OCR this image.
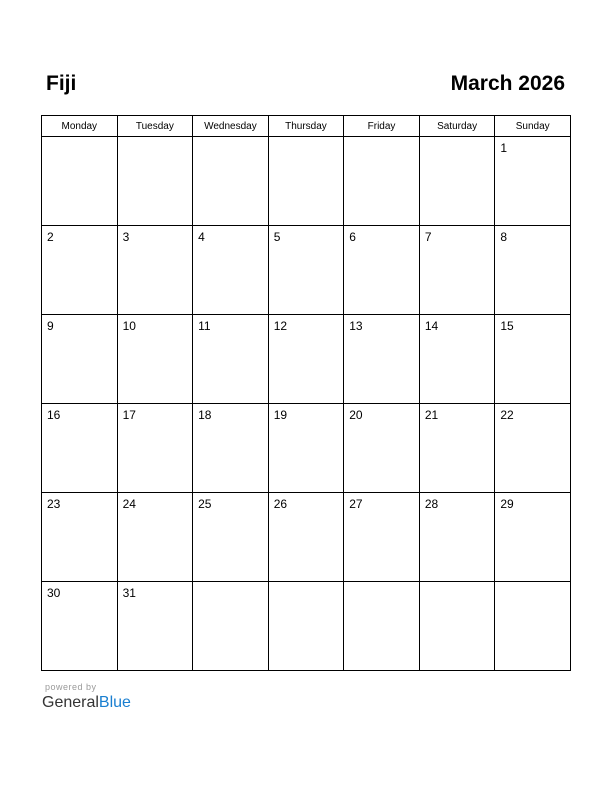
Fiji	March 2026
Monday	Tuesday	Wednesday	Thursday	Friday	Saturday	Sunday

						1

2	3	4	5	6	7	8

9	10	11	12	13	14	15

16	17	18	19	20	21	22

23	24	25	26	27	28	29

30	31					

powered by
GeneralBlue
